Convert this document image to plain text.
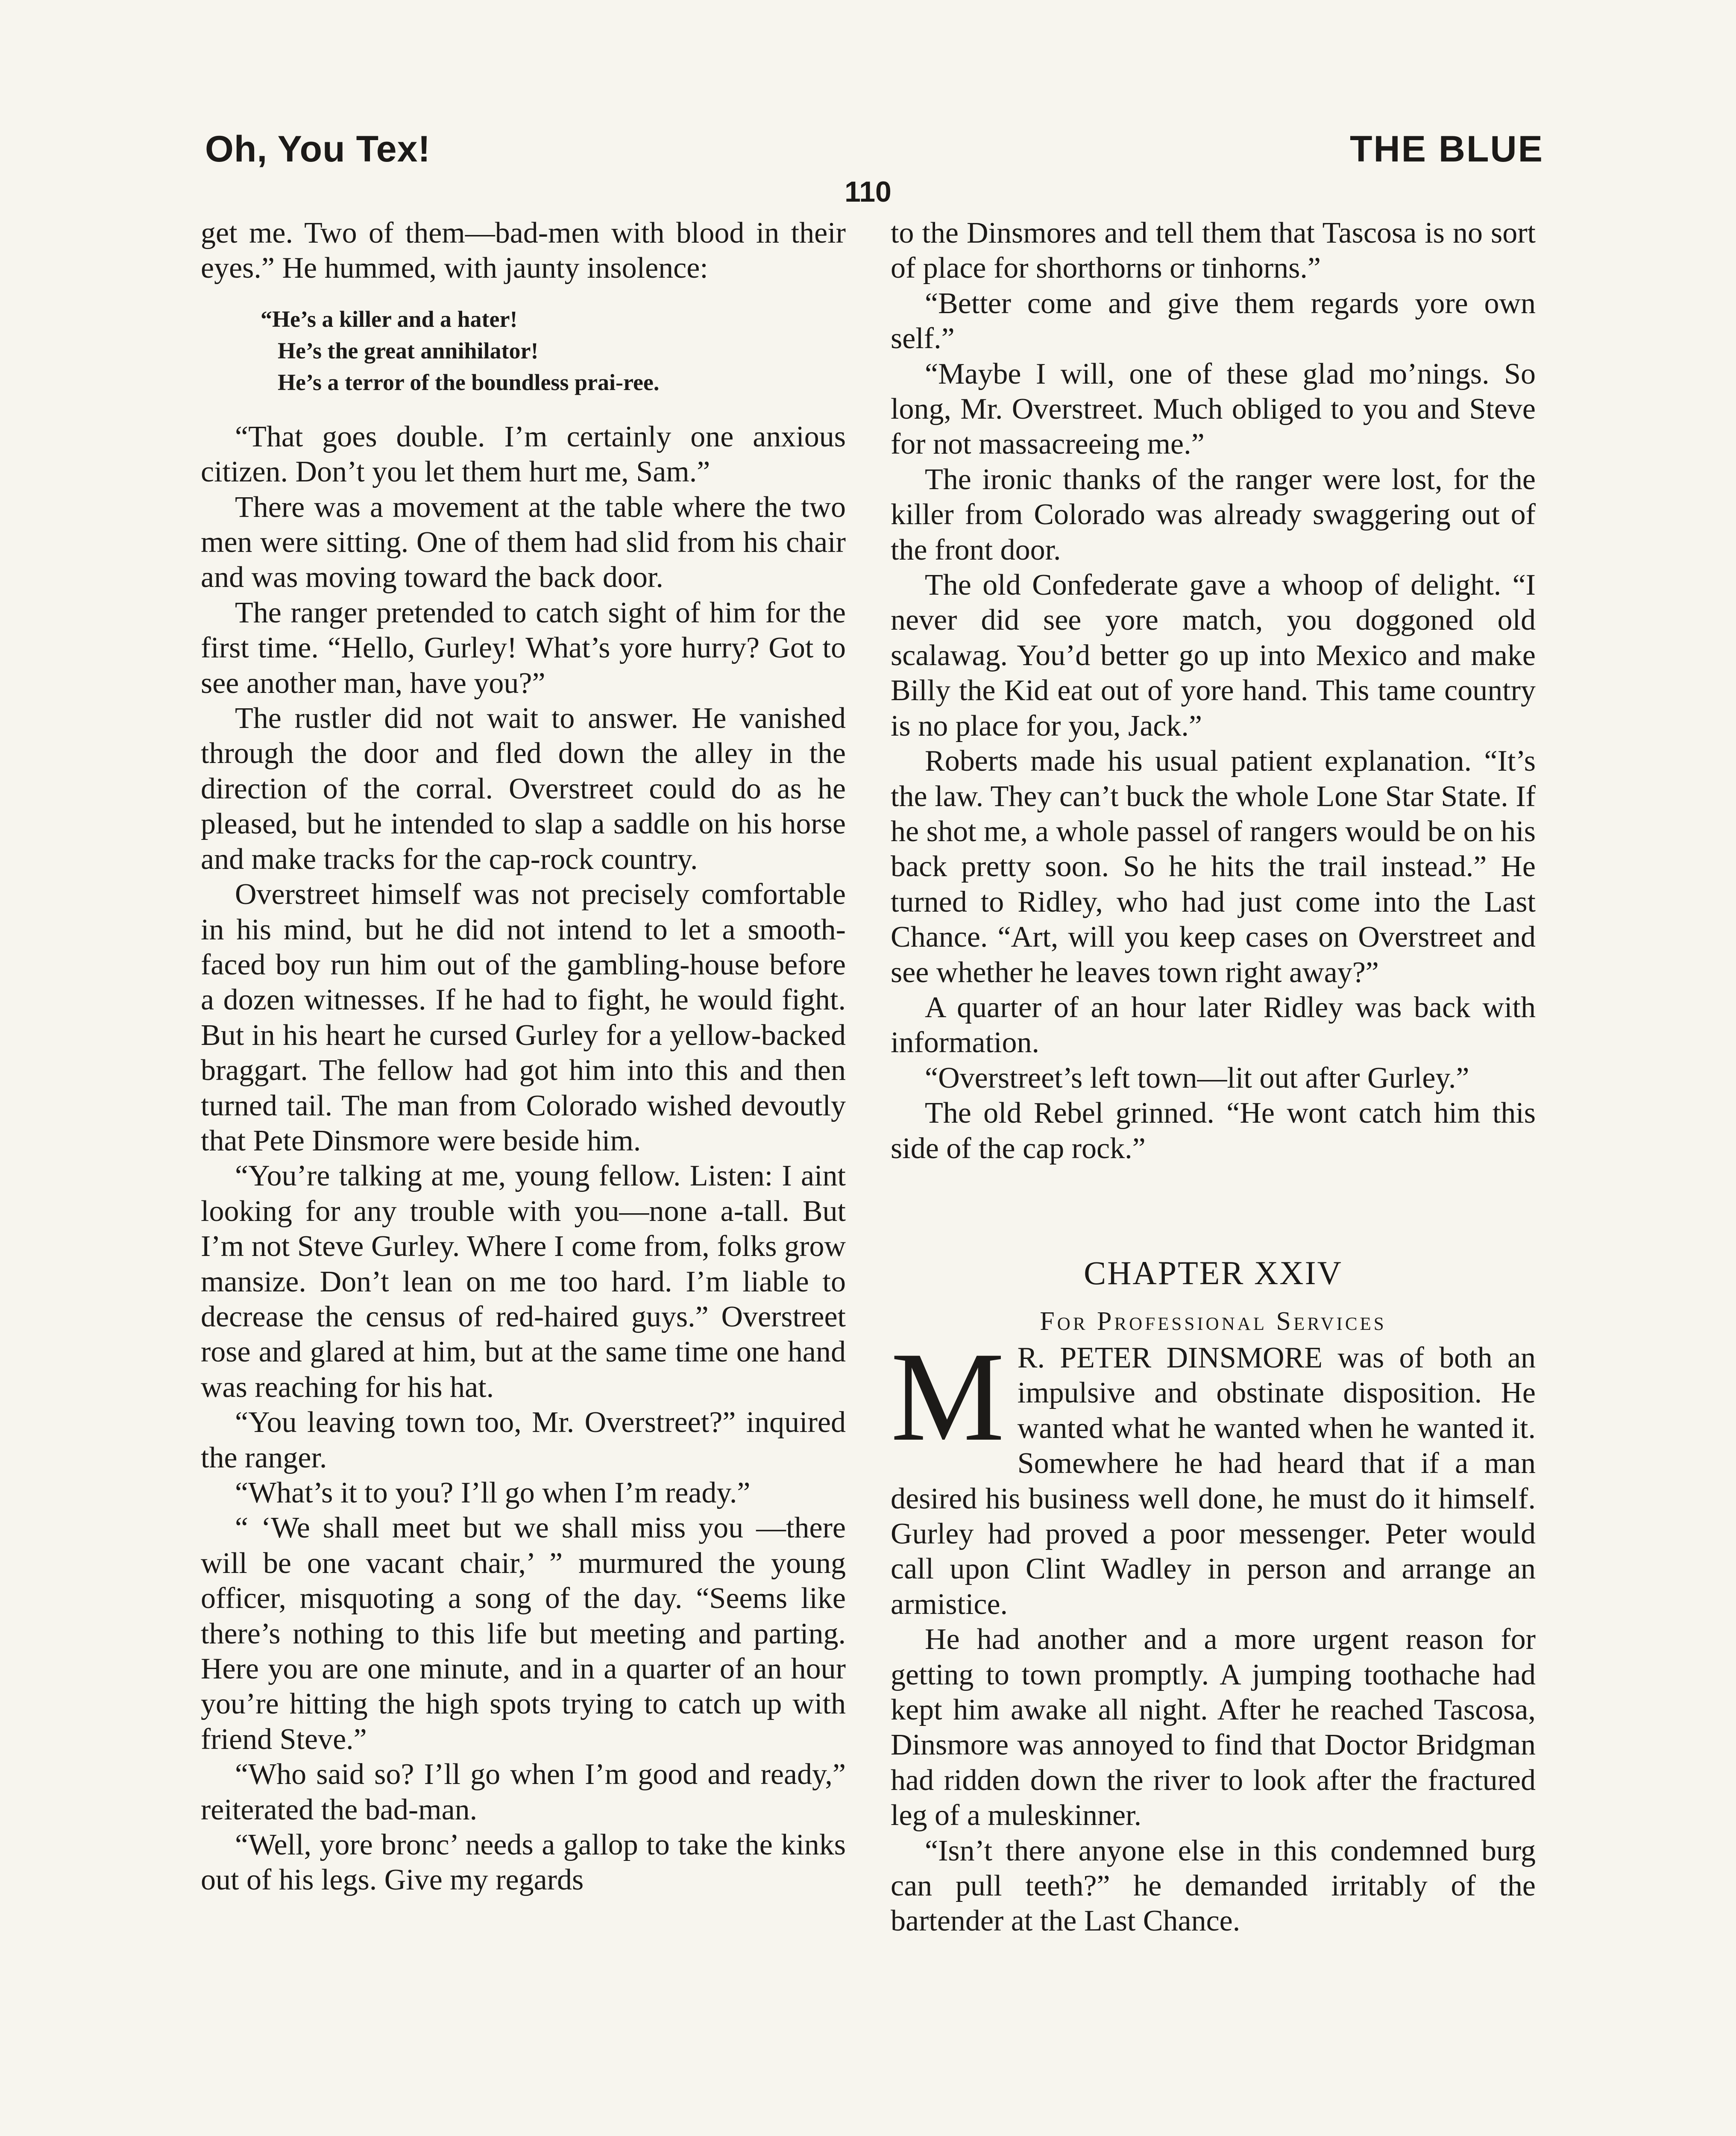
Oh, You Tex!	THE BLUE
110

get me. Two of them—bad-men with blood in their eyes.” He hummed, with jaunty insolence:

“He’s a killer and a hater!
He’s the great annihilator!
He’s a terror of the boundless prai-ree.

“That goes double. I’m certainly one anxious citizen. Don’t you let them hurt me, Sam.”

There was a movement at the table where the two men were sitting. One of them had slid from his chair and was moving toward the back door.

The ranger pretended to catch sight of him for the first time. “Hello, Gurley! What’s yore hurry? Got to see another man, have you?”

The rustler did not wait to answer. He vanished through the door and fled down the alley in the direction of the corral. Overstreet could do as he pleased, but he intended to slap a saddle on his horse and make tracks for the cap-rock country.

Overstreet himself was not precisely comfortable in his mind, but he did not intend to let a smooth-faced boy run him out of the gambling-house before a dozen witnesses. If he had to fight, he would fight. But in his heart he cursed Gurley for a yellow-backed braggart. The fellow had got him into this and then turned tail. The man from Colorado wished devoutly that Pete Dinsmore were beside him.

“You’re talking at me, young fellow. Listen: I aint looking for any trouble with you—none a-tall. But I’m not Steve Gurley. Where I come from, folks grow mansize. Don’t lean on me too hard. I’m liable to decrease the census of red-haired guys.” Overstreet rose and glared at him, but at the same time one hand was reaching for his hat.

“You leaving town too, Mr. Overstreet?” inquired the ranger.

“What’s it to you? I’ll go when I’m ready.”

“ ‘We shall meet but we shall miss you —there will be one vacant chair,’ ” murmured the young officer, misquoting a song of the day. “Seems like there’s nothing to this life but meeting and parting. Here you are one minute, and in a quarter of an hour you’re hitting the high spots trying to catch up with friend Steve.”

“Who said so? I’ll go when I’m good and ready,” reiterated the bad-man.

“Well, yore bronc’ needs a gallop to take the kinks out of his legs. Give my regards

to the Dinsmores and tell them that Tascosa is no sort of place for shorthorns or tinhorns.”

“Better come and give them regards yore own self.”

“Maybe I will, one of these glad mo’nings. So long, Mr. Overstreet. Much obliged to you and Steve for not massacreeing me.”

The ironic thanks of the ranger were lost, for the killer from Colorado was already swaggering out of the front door.

The old Confederate gave a whoop of delight. “I never did see yore match, you doggoned old scalawag. You’d better go up into Mexico and make Billy the Kid eat out of yore hand. This tame country is no place for you, Jack.”

Roberts made his usual patient explanation. “It’s the law. They can’t buck the whole Lone Star State. If he shot me, a whole passel of rangers would be on his back pretty soon. So he hits the trail instead.” He turned to Ridley, who had just come into the Last Chance. “Art, will you keep cases on Overstreet and see whether he leaves town right away?”

A quarter of an hour later Ridley was back with information.

“Overstreet’s left town—lit out after Gurley.”

The old Rebel grinned. “He wont catch him this side of the cap rock.”

CHAPTER XXIV
For Professional Services

M R. PETER DINSMORE was of both an impulsive and obstinate disposition. He wanted what he wanted when he wanted it. Somewhere he had heard that if a man desired his business well done, he must do it himself. Gurley had proved a poor messenger. Peter would call upon Clint Wadley in person and arrange an armistice.

He had another and a more urgent reason for getting to town promptly. A jumping toothache had kept him awake all night. After he reached Tascosa, Dinsmore was annoyed to find that Doctor Bridgman had ridden down the river to look after the fractured leg of a muleskinner.

“Isn’t there anyone else in this condemned burg can pull teeth?” he demanded irritably of the bartender at the Last Chance.
